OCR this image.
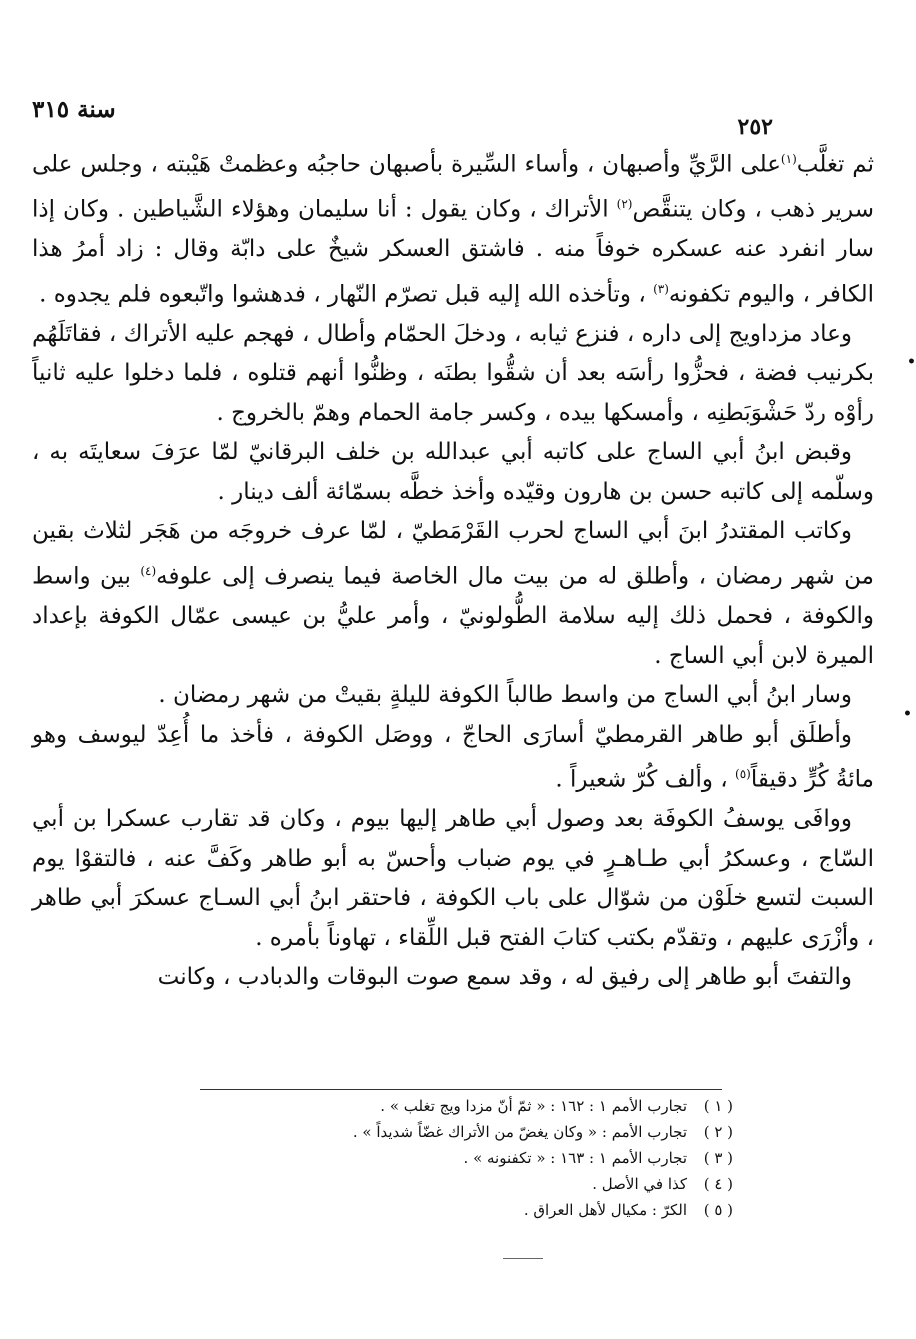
سنة ٣١٥
٢٥٢

ثم تغلَّب$^{(١)}$على الرَّيِّ وأصبهان ، وأساء السِّيرة بأصبهان حاجبُه وعظمتْ هَيْبته ، وجلس على سرير ذهب ، وكان يتنقَّص$^{(٢)}$ الأتراك ، وكان يقول : أنا سليمان وهؤلاء الشَّياطين . وكان إذا سار انفرد عنه عسكره خوفاً منه . فاشتق العسكر شيخٌ على دابّة وقال : زاد أمرُ هذا الكافر ، واليوم تكفونه$^{(٣)}$ ، وتأخذه الله إليه قبل تصرّم النّهار ، فدهشوا واتّبعوه فلم يجدوه .

وعاد مزداويج إلى داره ، فنزع ثيابه ، ودخلَ الحمّام وأطال ، فهجم عليه الأتراك ، فقاتَلَهُم بكرنيب فضة ، فحزُّوا رأسَه بعد أن شقُّوا بطنَه ، وظنُّوا أنهم قتلوه ، فلما دخلوا عليه ثانياً رأوْه ردّ حَشْوَبَطنِه ، وأمسكها بيده ، وكسر جامة الحمام وهمّ بالخروج .

وقبض ابنُ أبي الساج على كاتبه أبي عبدالله بن خلف البرقانيّ لمّا عرَفَ سعايتَه به ، وسلّمه إلى كاتبه حسن بن هارون وقيّده وأخذ خطَّه بسمّائة ألف دينار .

وكاتب المقتدرُ ابنَ أبي الساج لحرب القَرْمَطيّ ، لمّا عرف خروجَه من هَجَر لثلاث بقين من شهر رمضان ، وأطلق له من بيت مال الخاصة فيما ينصرف إلى علوفه$^{(٤)}$ بين واسط والكوفة ، فحمل ذلك إليه سلامة الطُّولونيّ ، وأمر عليُّ بن عيسى عمّال الكوفة بإعداد الميرة لابن أبي الساج .

وسار ابنُ أبي الساج من واسط طالباً الكوفة لليلةٍ بقيتْ من شهر رمضان .

وأطلَق أبو طاهر القرمطيّ أسارَى الحاجّ ، ووصَل الكوفة ، فأخذ ما أُعِدّ ليوسف وهو مائةُ كُرٍّ دقيقاً$^{(٥)}$ ، وألف كُرّ شعيراً .

ووافَى يوسفُ الكوفَة بعد وصول أبي طاهر إليها بيوم ، وكان قد تقارب عسكرا بن أبي السّاج ، وعسكرُ أبي طـاهـرٍ في يوم ضباب وأحسّ به أبو طاهر وكَفَّ عنه ، فالتقوْا يوم السبت لتسع خلَوْن من شوّال على باب الكوفة ، فاحتقر ابنُ أبي السـاج عسكرَ أبي طاهر ، وأزْرَى عليهم ، وتقدّم بكتب كتابَ الفتح قبل اللِّقاء ، تهاوناً بأمره .

والتفتَ أبو طاهر إلى رفيق له ، وقد سمع صوت البوقات والدبادب ، وكانت

•
•
( ١ )تجارب الأمم ١ : ١٦٢ : « ثمّ أنّ مزدا ويج تغلب » .
( ٢ )تجارب الأمم : « وكان يغضّ من الأتراك غضّاً شديداً » .
( ٣ )تجارب الأمم ١ : ١٦٣ : « تكفنونه » .
( ٤ )كذا في الأصل .
( ٥ )الكرّ : مكيال لأهل العراق .
